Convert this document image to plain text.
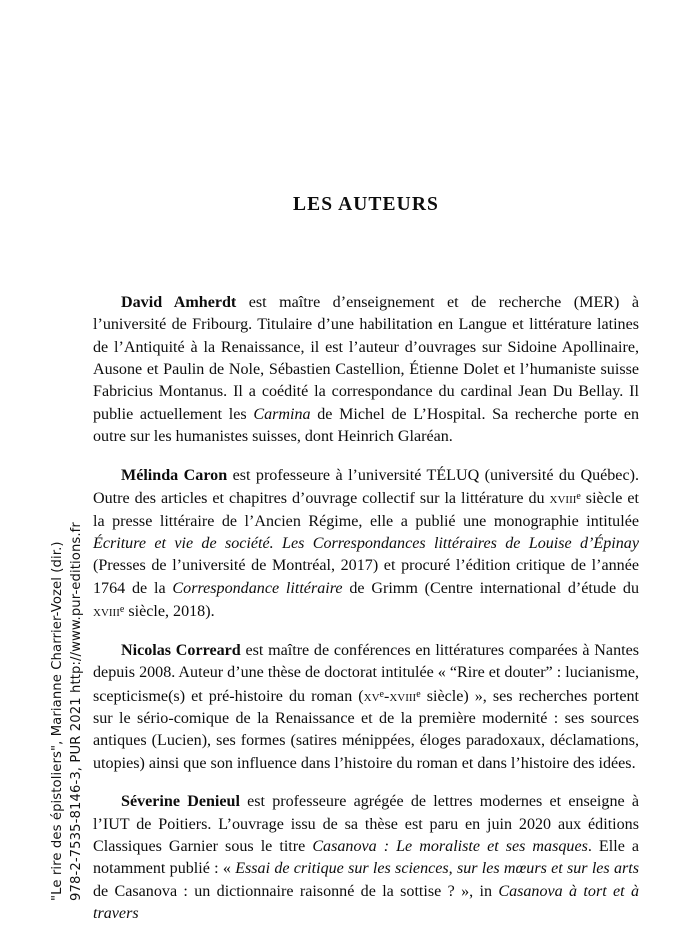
"Le rire des épistoliers", Marianne Charrier-Vozel (dir.) 978-2-7535-8146-3, PUR 2021 http://www.pur-editions.fr
LES AUTEURS

David Amherdt est maître d’enseignement et de recherche (MER) à l’université de Fribourg. Titulaire d’une habilitation en Langue et littérature latines de l’Antiquité à la Renaissance, il est l’auteur d’ouvrages sur Sidoine Apollinaire, Ausone et Paulin de Nole, Sébastien Castellion, Étienne Dolet et l’humaniste suisse Fabricius Montanus. Il a coédité la correspondance du cardinal Jean Du Bellay. Il publie actuellement les Carmina de Michel de L’Hospital. Sa recherche porte en outre sur les humanistes suisses, dont Heinrich Glaréan.

Mélinda Caron est professeure à l’université TÉLUQ (université du Québec). Outre des articles et chapitres d’ouvrage collectif sur la littérature du xviii$^e$ siècle et la presse littéraire de l’Ancien Régime, elle a publié une monographie intitulée Écriture et vie de société. Les Correspondances littéraires de Louise d’Épinay (Presses de l’université de Montréal, 2017) et procuré l’édition critique de l’année 1764 de la Correspondance littéraire de Grimm (Centre international d’étude du xviii$^e$ siècle, 2018).

Nicolas Correard est maître de conférences en littératures comparées à Nantes depuis 2008. Auteur d’une thèse de doctorat intitulée « “Rire et douter” : lucianisme, scepticisme(s) et pré-histoire du roman ($xv^e-xviii^e$ siècle) », ses recherches portent sur le sério-comique de la Renaissance et de la première modernité : ses sources antiques (Lucien), ses formes (satires ménippées, éloges paradoxaux, déclamations, utopies) ainsi que son influence dans l’histoire du roman et dans l’histoire des idées.

Séverine Denieul est professeure agrégée de lettres modernes et enseigne à l’IUT de Poitiers. L’ouvrage issu de sa thèse est paru en juin 2020 aux éditions Classiques Garnier sous le titre Casanova : Le moraliste et ses masques. Elle a notamment publié : « Essai de critique sur les sciences, sur les mœurs et sur les arts de Casanova : un dictionnaire raisonné de la sottise ? », in Casanova à tort et à travers
